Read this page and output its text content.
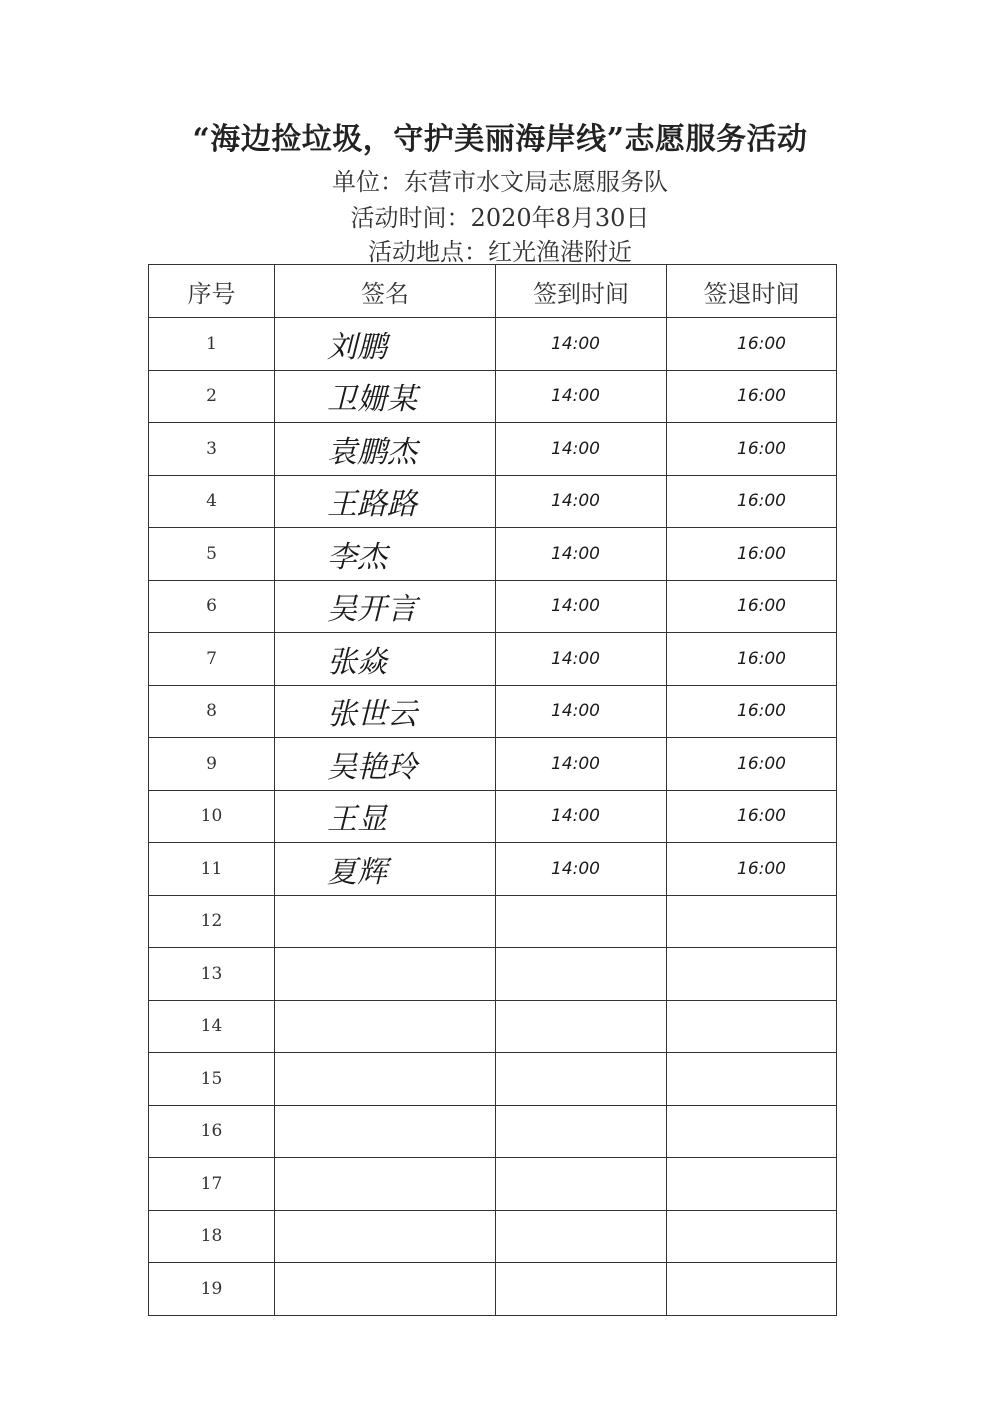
“海边捡垃圾，守护美丽海岸线”志愿服务活动
单位：东营市水文局志愿服务队
活动时间：2020年8月30日
活动地点：红光渔港附近
序号	签名	签到时间	签退时间
1	刘鹏	14:00	16:00
2	卫姗某	14:00	16:00
3	袁鹏杰	14:00	16:00
4	王路路	14:00	16:00
5	李杰	14:00	16:00
6	吴开言	14:00	16:00
7	张焱	14:00	16:00
8	张世云	14:00	16:00
9	吴艳玲	14:00	16:00
10	王显	14:00	16:00
11	夏辉	14:00	16:00
12			
13			
14			
15			
16			
17			
18			
19			
